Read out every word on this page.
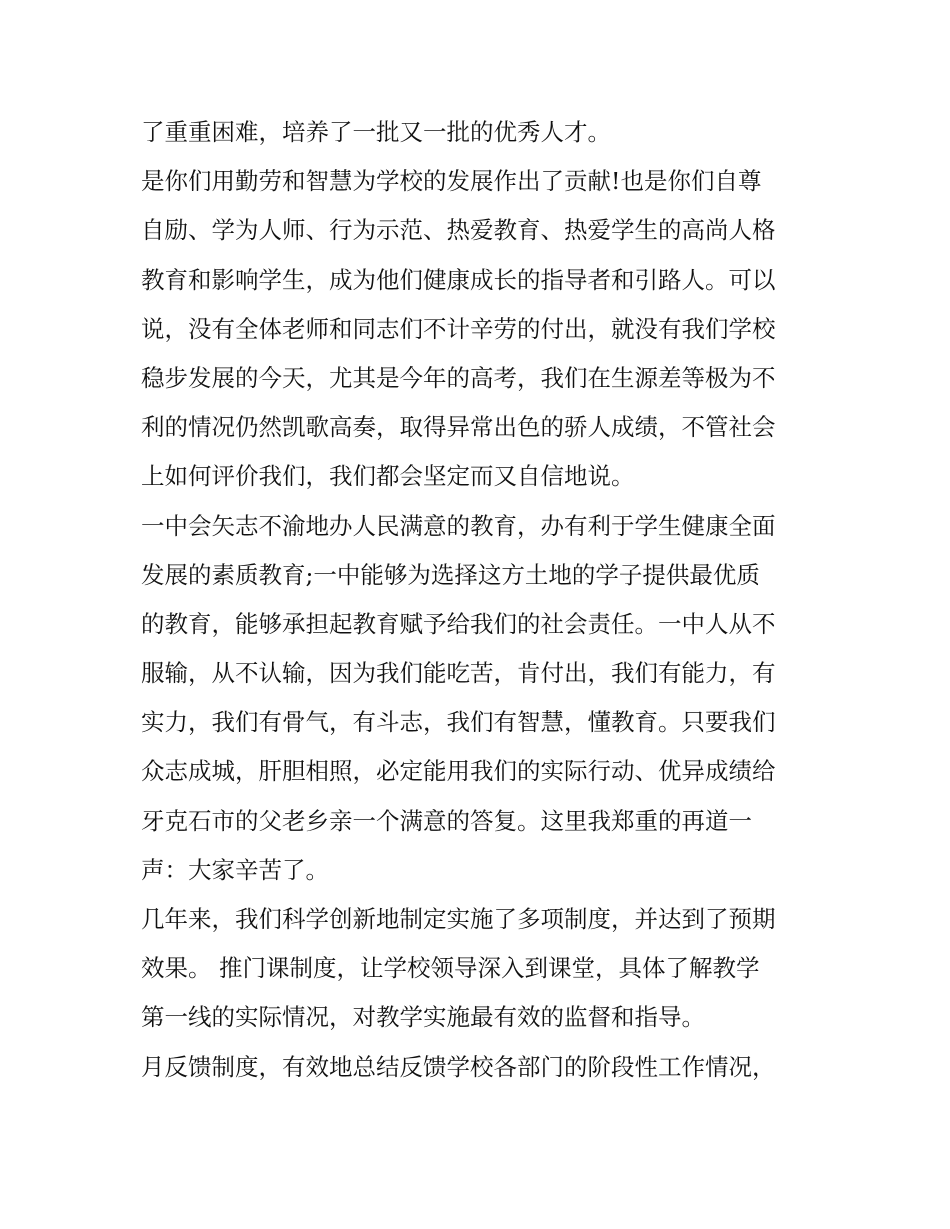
了重重困难，培养了一批又一批的优秀人才。
是你们用勤劳和智慧为学校的发展作出了贡献!也是你们自尊
自励、学为人师、行为示范、热爱教育、热爱学生的高尚人格
教育和影响学生，成为他们健康成长的指导者和引路人。可以
说，没有全体老师和同志们不计辛劳的付出，就没有我们学校
稳步发展的今天，尤其是今年的高考，我们在生源差等极为不
利的情况仍然凯歌高奏，取得异常出色的骄人成绩，不管社会
上如何评价我们，我们都会坚定而又自信地说。
一中会矢志不渝地办人民满意的教育，办有利于学生健康全面
发展的素质教育;一中能够为选择这方土地的学子提供最优质
的教育，能够承担起教育赋予给我们的社会责任。一中人从不
服输，从不认输，因为我们能吃苦，肯付出，我们有能力，有
实力，我们有骨气，有斗志，我们有智慧，懂教育。只要我们
众志成城，肝胆相照，必定能用我们的实际行动、优异成绩给
牙克石市的父老乡亲一个满意的答复。这里我郑重的再道一
声：大家辛苦了。
几年来，我们科学创新地制定实施了多项制度，并达到了预期
效果。 推门课制度，让学校领导深入到课堂，具体了解教学
第一线的实际情况，对教学实施最有效的监督和指导。
月反馈制度，有效地总结反馈学校各部门的阶段性工作情况，
